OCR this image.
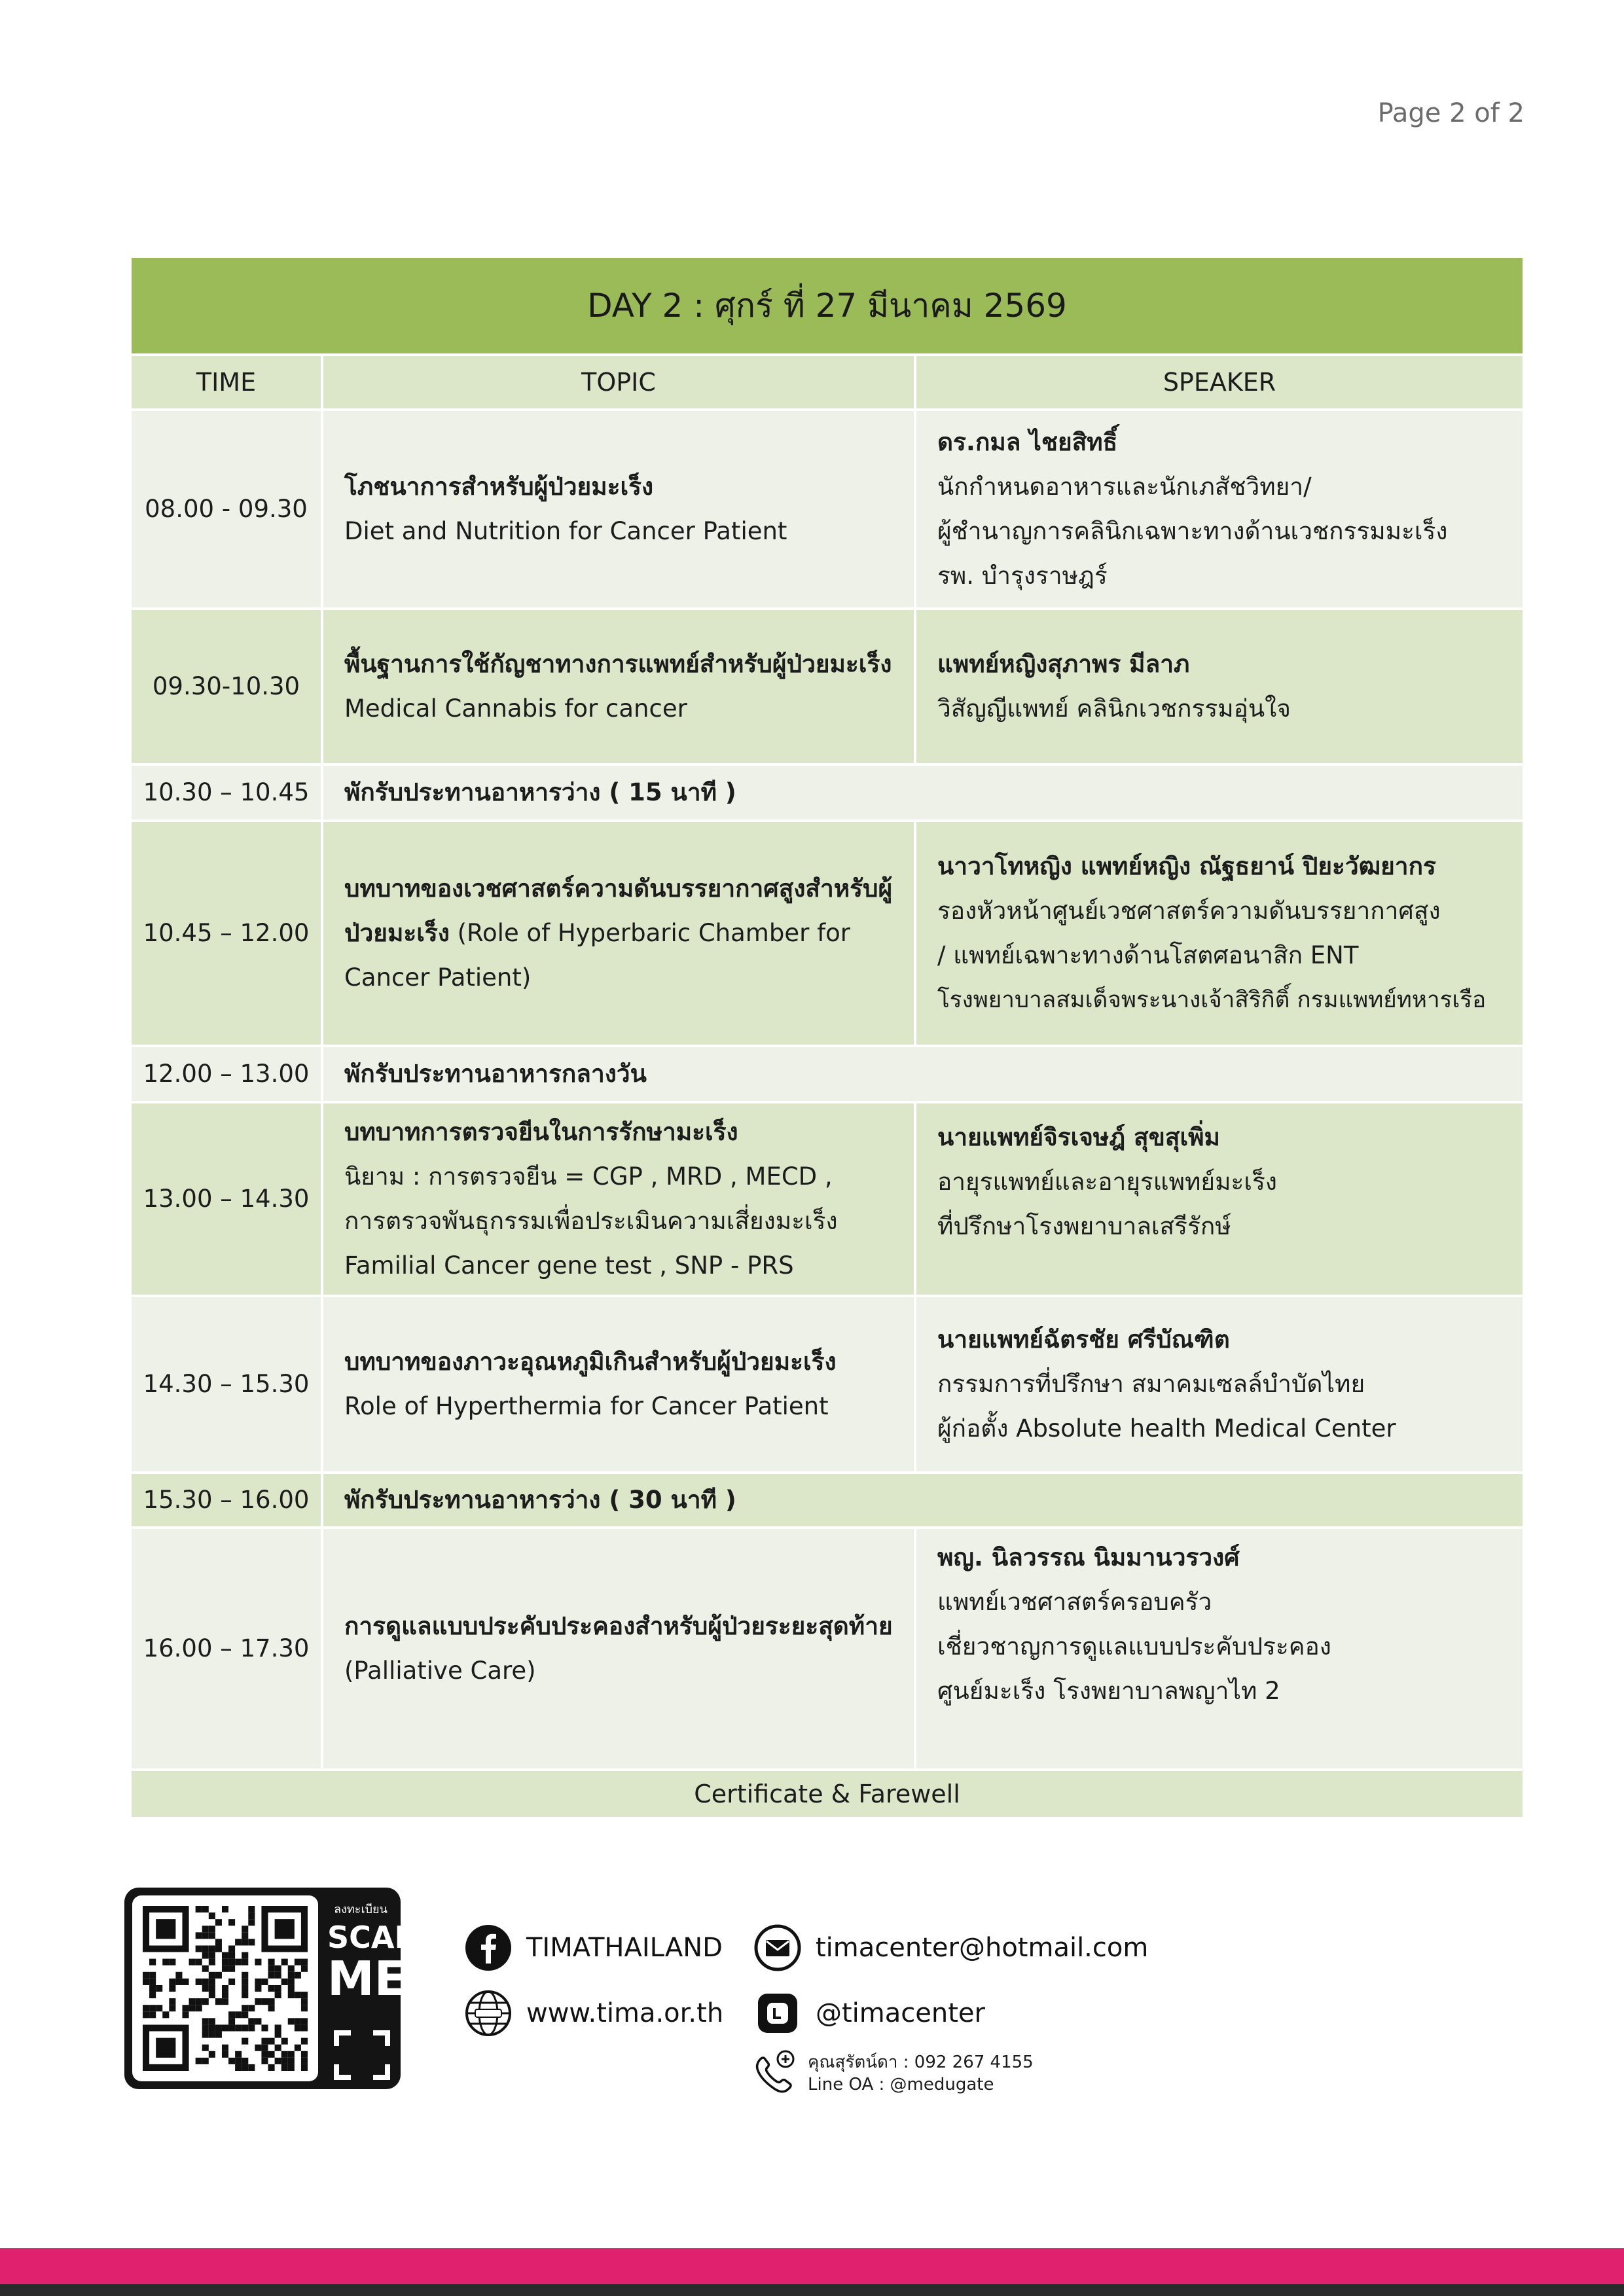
Page 2 of 2
DAY 2 : ศุกร์ ที่ 27 มีนาคม 2569		
TIME	TOPIC	SPEAKER
08.00 - 09.30	โภชนาการสำหรับผู้ป่วยมะเร็ง
Diet and Nutrition for Cancer Patient	ดร.กมล ไชยสิทธิ์
นักกำหนดอาหารและนักเภสัชวิทยา/
ผู้ชำนาญการคลินิกเฉพาะทางด้านเวชกรรมมะเร็ง
รพ. บำรุงราษฎร์

09.30-10.30	พื้นฐานการใช้กัญชาทางการแพทย์สำหรับผู้ป่วยมะเร็ง Medical Cannabis for cancer	แพทย์หญิงสุภาพร มีลาภ
วิสัญญีแพทย์ คลินิกเวชกรรมอุ่นใจ

10.30 – 10.45	พักรับประทานอาหารว่าง ( 15 นาที )	
10.45 – 12.00	บทบาทของเวชศาสตร์ความดันบรรยากาศสูงสำหรับผู้ป่วยมะเร็ง (Role of Hyperbaric Chamber for Cancer Patient)	นาวาโทหญิง แพทย์หญิง ณัฐธยาน์ ปิยะวัฒยากร
รองหัวหน้าศูนย์เวชศาสตร์ความดันบรรยากาศสูง
/ แพทย์เฉพาะทางด้านโสตศอนาสิก ENT
โรงพยาบาลสมเด็จพระนางเจ้าสิริกิติ์ กรมแพทย์ทหารเรือ

12.00 – 13.00	พักรับประทานอาหารกลางวัน	
13.00 – 14.30	บทบาทการตรวจยีนในการรักษามะเร็ง
นิยาม : การตรวจยีน = CGP , MRD , MECD ,
การตรวจพันธุกรรมเพื่อประเมินความเสี่ยงมะเร็ง
Familial Cancer gene test , SNP - PRS	นายแพทย์จิรเจษฎ์ สุขสุเพิ่ม
อายุรแพทย์และอายุรแพทย์มะเร็ง
ที่ปรึกษาโรงพยาบาลเสรีรักษ์

14.30 – 15.30	บทบาทของภาวะอุณหภูมิเกินสำหรับผู้ป่วยมะเร็ง
Role of Hyperthermia for Cancer Patient	นายแพทย์ฉัตรชัย ศรีบัณฑิต
กรรมการที่ปรึกษา สมาคมเซลล์บำบัดไทย
ผู้ก่อตั้ง Absolute health Medical Center

15.30 – 16.00	พักรับประทานอาหารว่าง ( 30 นาที )	
16.00 – 17.30	การดูแลแบบประคับประคองสำหรับผู้ป่วยระยะสุดท้าย (Palliative Care)	พญ. นิลวรรณ นิมมานวรวงศ์
แพทย์เวชศาสตร์ครอบครัว
เชี่ยวชาญการดูแลแบบประคับประคอง
ศูนย์มะเร็ง โรงพยาบาลพญาไท 2

Certificate & Farewell		
ลงทะเบียน
SCAN
ME
TIMATHAILAND	timacenter@hotmail.com
www.tima.or.th	@timacenter
คุณสุรัตน์ดา : 092 267 4155
Line OA : @medugate
